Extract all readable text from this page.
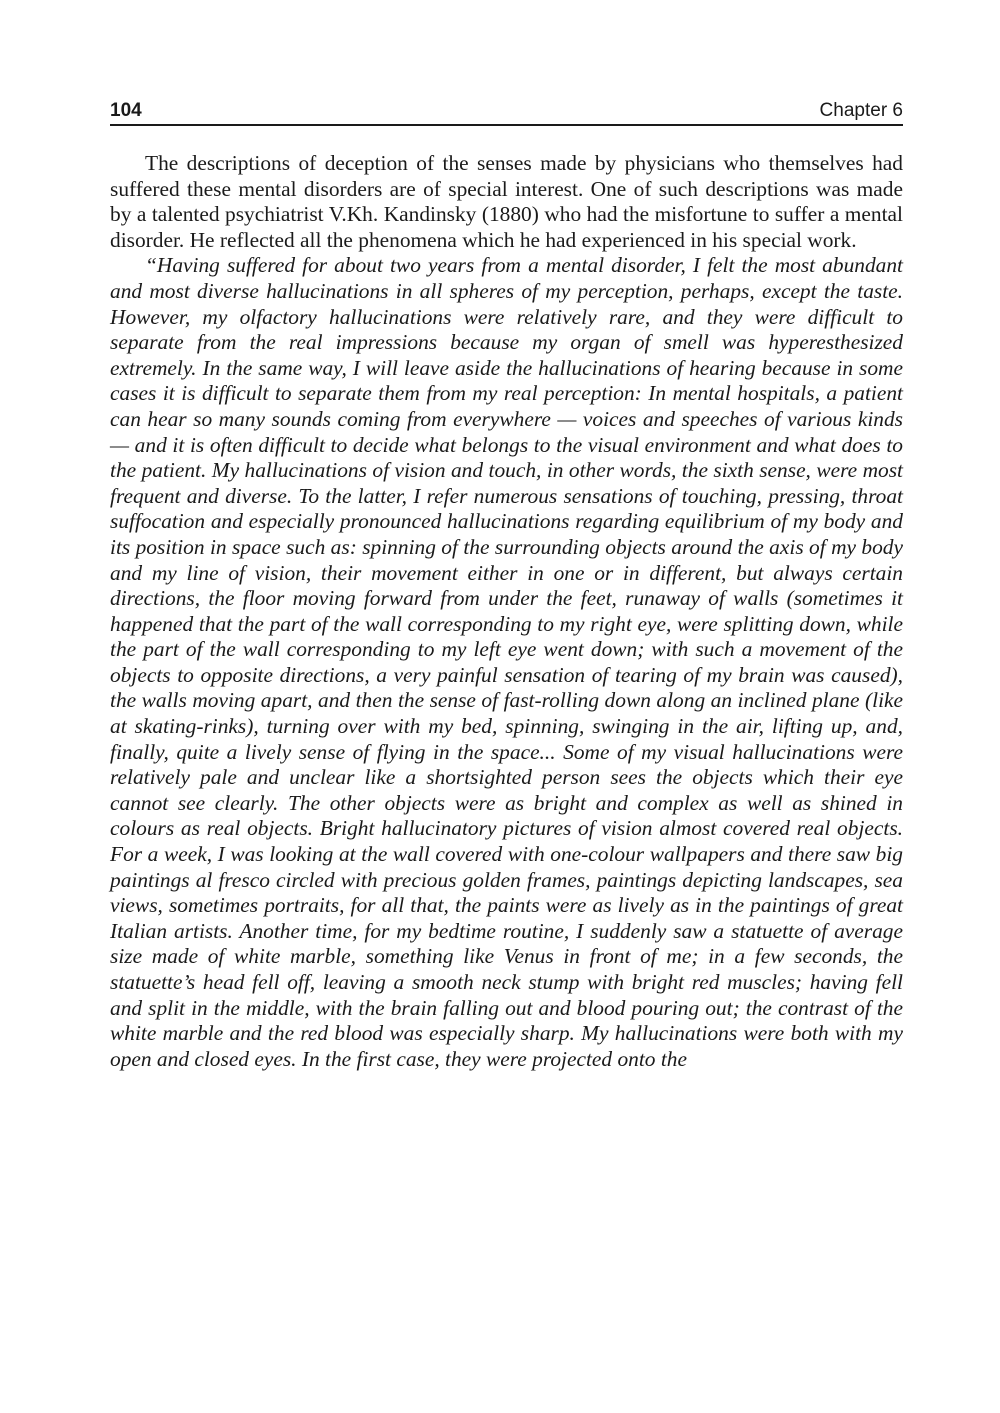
104	Chapter 6

The descriptions of deception of the senses made by physicians who themselves had suffered these mental disorders are of special interest. One of such descriptions was made by a talented psychiatrist V.Kh. Kandinsky (1880) who had the misfortune to suffer a mental disorder. He reflected all the phenomena which he had experienced in his special work.

“Having suffered for about two years from a mental disorder, I felt the most abundant and most diverse hallucinations in all spheres of my perception, perhaps, except the taste. However, my olfactory hallucinations were relatively rare, and they were difficult to separate from the real impressions because my organ of smell was hyperesthesized extremely. In the same way, I will leave aside the hallucinations of hearing because in some cases it is difficult to separate them from my real perception: In mental hospitals, a patient can hear so many sounds coming from everywhere — voices and speeches of various kinds — and it is often difficult to decide what belongs to the visual environment and what does to the patient. My hallucinations of vision and touch, in other words, the sixth sense, were most frequent and diverse. To the latter, I refer numerous sensations of touching, pressing, throat suffocation and especially pronounced hallucinations regarding equilibrium of my body and its position in space such as: spinning of the surrounding objects around the axis of my body and my line of vision, their movement either in one or in different, but always certain directions, the floor moving forward from under the feet, runaway of walls (sometimes it happened that the part of the wall corresponding to my right eye, were splitting down, while the part of the wall corresponding to my left eye went down; with such a movement of the objects to opposite directions, a very painful sensation of tearing of my brain was caused), the walls moving apart, and then the sense of fast-rolling down along an inclined plane (like at skating-rinks), turning over with my bed, spinning, swinging in the air, lifting up, and, finally, quite a lively sense of flying in the space... Some of my visual hallucinations were relatively pale and unclear like a shortsighted person sees the objects which their eye cannot see clearly. The other objects were as bright and complex as well as shined in colours as real objects. Bright hallucinatory pictures of vision almost covered real objects. For a week, I was looking at the wall covered with one-colour wallpapers and there saw big paintings al fresco circled with precious golden frames, paintings depicting landscapes, sea views, sometimes portraits, for all that, the paints were as lively as in the paintings of great Italian artists. Another time, for my bedtime routine, I suddenly saw a statuette of average size made of white marble, something like Venus in front of me; in a few seconds, the statuette’s head fell off, leaving a smooth neck stump with bright red muscles; having fell and split in the middle, with the brain falling out and blood pouring out; the contrast of the white marble and the red blood was especially sharp. My hallucinations were both with my open and closed eyes. In the first case, they were projected onto the
